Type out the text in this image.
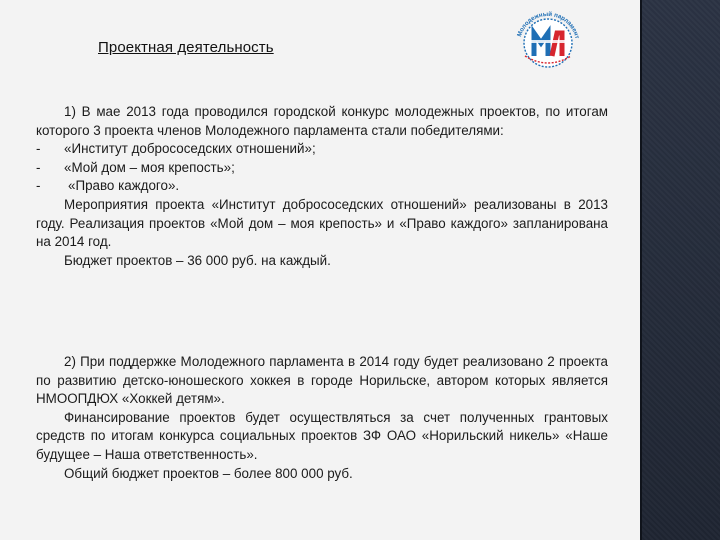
Проектная деятельность
Молодежный парламент

1) В мае 2013 года проводился городской конкурс молодежных проектов, по итогам которого 3 проекта членов Молодежного парламента стали победителями:

- «Институт добрососедских отношений»;

- «Мой дом – моя крепость»;

- «Право каждого».

Мероприятия проекта «Институт добрососедских отношений» реализованы в 2013 году. Реализация проектов «Мой дом – моя крепость» и «Право каждого» запланирована на 2014 год.

Бюджет проектов – 36 000 руб. на каждый.

2) При поддержке Молодежного парламента в 2014 году будет реализовано 2 проекта по развитию детско-юношеского хоккея в городе Норильске, автором которых является НМООПДЮХ «Хоккей детям».

Финансирование проектов будет осуществляться за счет полученных грантовых средств по итогам конкурса социальных проектов ЗФ ОАО «Норильский никель» «Наше будущее – Наша ответственность».

Общий бюджет проектов – более 800 000 руб.
